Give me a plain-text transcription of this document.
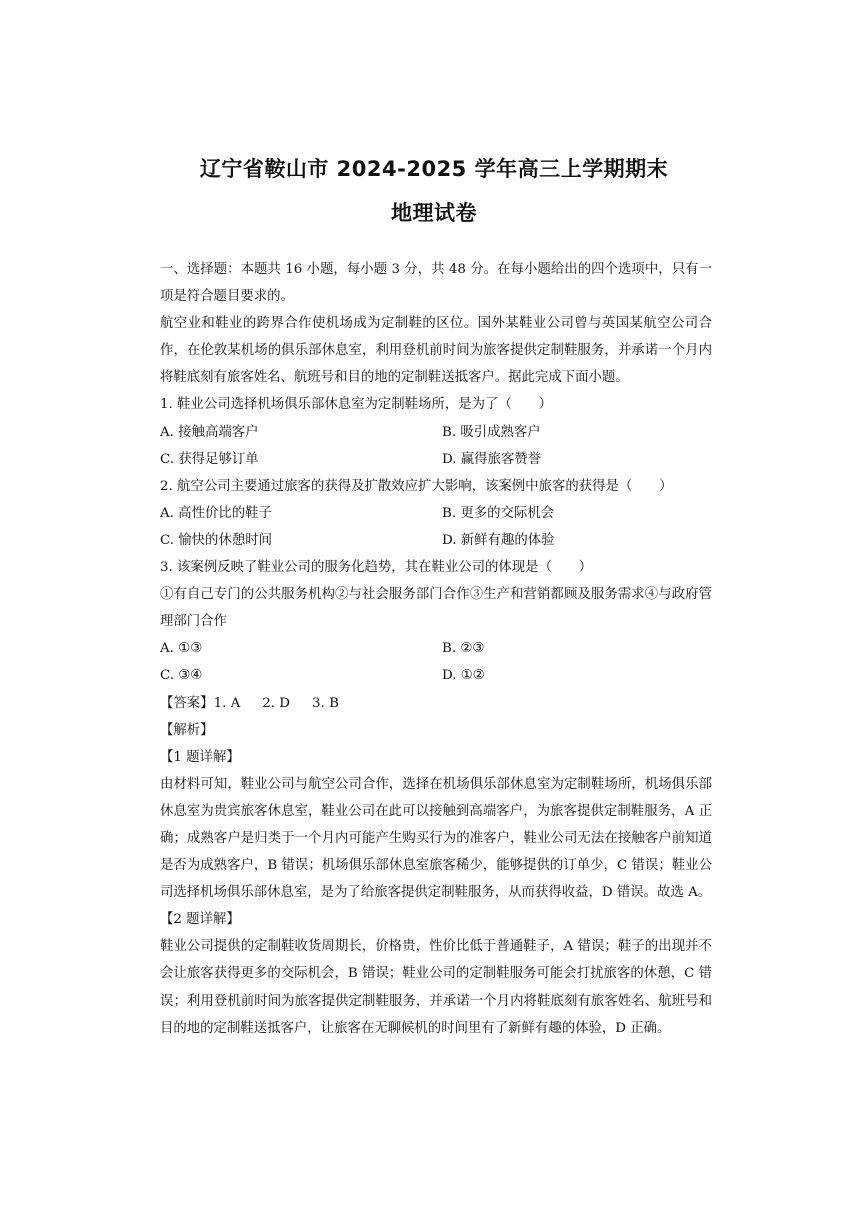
辽宁省鞍山市 2024-2025 学年高三上学期期末
地理试卷

一、选择题：本题共 16 小题，每小题 3 分，共 48 分。在每小题给出的四个选项中，只有一项是符合题目要求的。

航空业和鞋业的跨界合作使机场成为定制鞋的区位。国外某鞋业公司曾与英国某航空公司合作，在伦敦某机场的俱乐部休息室，利用登机前时间为旅客提供定制鞋服务，并承诺一个月内将鞋底刻有旅客姓名、航班号和目的地的定制鞋送抵客户。据此完成下面小题。

1. 鞋业公司选择机场俱乐部休息室为定制鞋场所，是为了（　　）

A. 接触高端客户	B. 吸引成熟客户
C. 获得足够订单	D. 赢得旅客赞誉

2. 航空公司主要通过旅客的获得及扩散效应扩大影响，该案例中旅客的获得是（　　）

A. 高性价比的鞋子	B. 更多的交际机会
C. 愉快的休憩时间	D. 新鲜有趣的体验

3. 该案例反映了鞋业公司的服务化趋势，其在鞋业公司的体现是（　　）

①有自己专门的公共服务机构②与社会服务部门合作③生产和营销都顾及服务需求④与政府管理部门合作

A. ①③	B. ②③
C. ③④	D. ①②

【答案】1. A 2. D 3. B

【解析】

【1 题详解】

由材料可知，鞋业公司与航空公司合作，选择在机场俱乐部休息室为定制鞋场所，机场俱乐部休息室为贵宾旅客休息室，鞋业公司在此可以接触到高端客户，为旅客提供定制鞋服务，A 正确；成熟客户是归类于一个月内可能产生购买行为的准客户，鞋业公司无法在接触客户前知道是否为成熟客户，B 错误；机场俱乐部休息室旅客稀少，能够提供的订单少，C 错误；鞋业公司选择机场俱乐部休息室，是为了给旅客提供定制鞋服务，从而获得收益，D 错误。故选 A。

【2 题详解】

鞋业公司提供的定制鞋收货周期长，价格贵，性价比低于普通鞋子，A 错误；鞋子的出现并不会让旅客获得更多的交际机会，B 错误；鞋业公司的定制鞋服务可能会打扰旅客的休憩，C 错误；利用登机前时间为旅客提供定制鞋服务，并承诺一个月内将鞋底刻有旅客姓名、航班号和目的地的定制鞋送抵客户，让旅客在无聊候机的时间里有了新鲜有趣的体验，D 正确。
